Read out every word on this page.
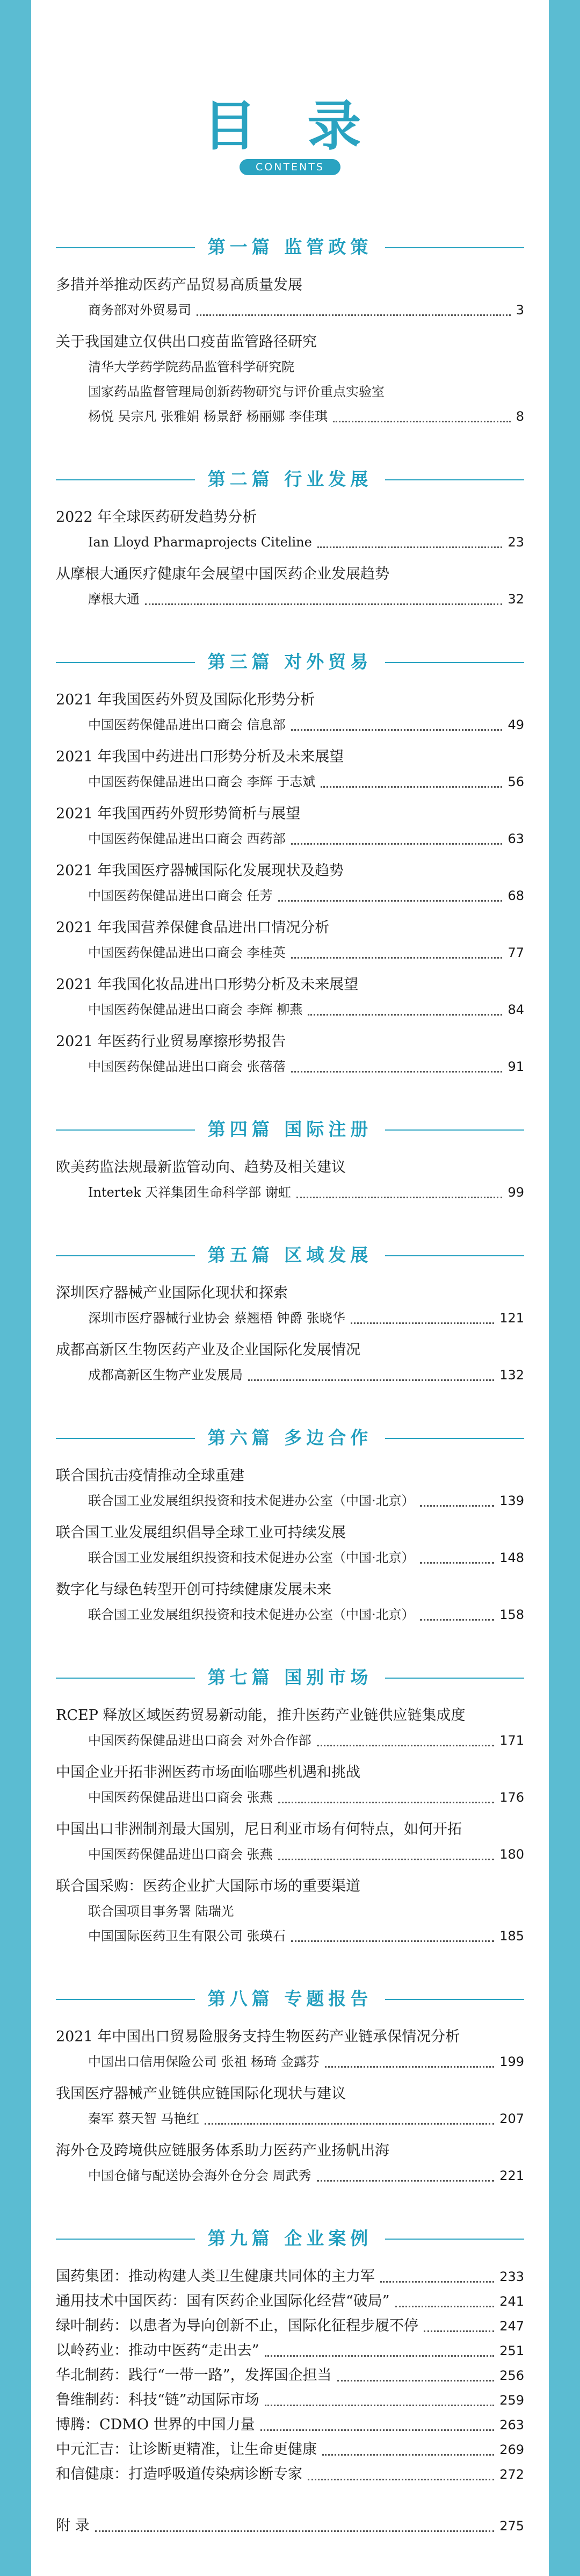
目 录
CONTENTS
第一篇 监管政策
多措并举推动医药产品贸易高质量发展
商务部对外贸易司	3
关于我国建立仅供出口疫苗监管路径研究
清华大学药学院药品监管科学研究院
国家药品监督管理局创新药物研究与评价重点实验室
杨悦 吴宗凡 张雅娟 杨景舒 杨丽娜 李佳琪	8
第二篇 行业发展
2022 年全球医药研发趋势分析
Ian Lloyd Pharmaprojects Citeline	23
从摩根大通医疗健康年会展望中国医药企业发展趋势
摩根大通	32
第三篇 对外贸易
2021 年我国医药外贸及国际化形势分析
中国医药保健品进出口商会 信息部	49
2021 年我国中药进出口形势分析及未来展望
中国医药保健品进出口商会 李辉 于志斌	56
2021 年我国西药外贸形势简析与展望
中国医药保健品进出口商会 西药部	63
2021 年我国医疗器械国际化发展现状及趋势
中国医药保健品进出口商会 任芳	68
2021 年我国营养保健食品进出口情况分析
中国医药保健品进出口商会 李桂英	77
2021 年我国化妆品进出口形势分析及未来展望
中国医药保健品进出口商会 李辉 柳燕	84
2021 年医药行业贸易摩擦形势报告
中国医药保健品进出口商会 张蓓蓓	91
第四篇 国际注册
欧美药监法规最新监管动向、趋势及相关建议
Intertek 天祥集团生命科学部 谢虹	99
第五篇 区域发展
深圳医疗器械产业国际化现状和探索
深圳市医疗器械行业协会 蔡翘梧 钟爵 张晓华	121
成都高新区生物医药产业及企业国际化发展情况
成都高新区生物产业发展局	132
第六篇 多边合作
联合国抗击疫情推动全球重建
联合国工业发展组织投资和技术促进办公室（中国·北京）	139
联合国工业发展组织倡导全球工业可持续发展
联合国工业发展组织投资和技术促进办公室（中国·北京）	148
数字化与绿色转型开创可持续健康发展未来
联合国工业发展组织投资和技术促进办公室（中国·北京）	158
第七篇 国别市场
RCEP 释放区域医药贸易新动能，推升医药产业链供应链集成度
中国医药保健品进出口商会 对外合作部	171
中国企业开拓非洲医药市场面临哪些机遇和挑战
中国医药保健品进出口商会 张燕	176
中国出口非洲制剂最大国别，尼日利亚市场有何特点，如何开拓
中国医药保健品进出口商会 张燕	180
联合国采购：医药企业扩大国际市场的重要渠道
联合国项目事务署 陆瑞光
中国国际医药卫生有限公司 张瑛石	185
第八篇 专题报告
2021 年中国出口贸易险服务支持生物医药产业链承保情况分析
中国出口信用保险公司 张祖 杨琦 金露芬	199
我国医疗器械产业链供应链国际化现状与建议
秦军 蔡天智 马艳红	207
海外仓及跨境供应链服务体系助力医药产业扬帆出海
中国仓储与配送协会海外仓分会 周武秀	221
第九篇 企业案例
国药集团：推动构建人类卫生健康共同体的主力军	233
通用技术中国医药：国有医药企业国际化经营“破局”	241
绿叶制药：以患者为导向创新不止，国际化征程步履不停	247
以岭药业：推动中医药“走出去”	251
华北制药：践行“一带一路”，发挥国企担当	256
鲁维制药：科技“链”动国际市场	259
博腾：CDMO 世界的中国力量	263
中元汇吉：让诊断更精准，让生命更健康	269
和信健康：打造呼吸道传染病诊断专家	272
附 录	275
